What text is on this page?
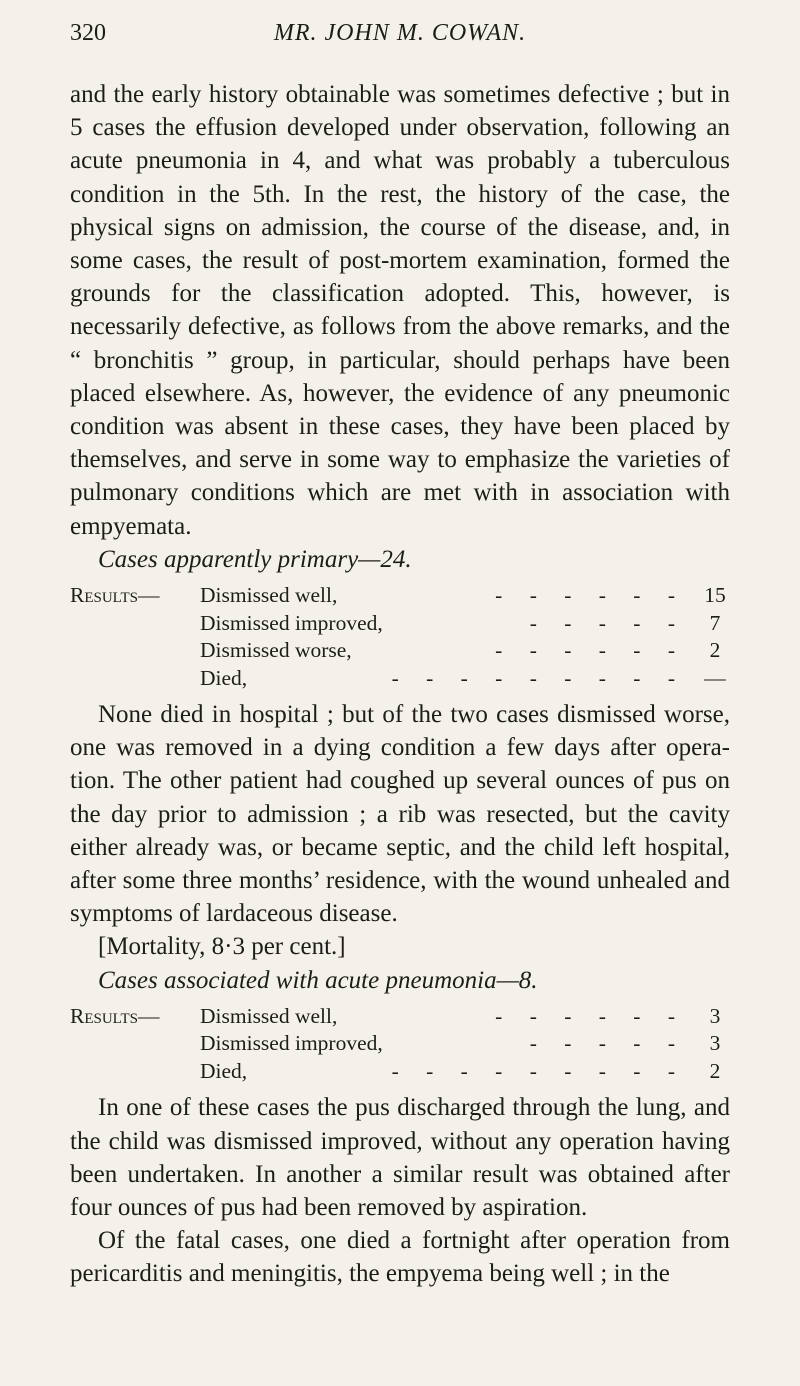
320	MR. JOHN M. COWAN.

and the early history obtainable was sometimes defective ; but in 5 cases the effusion developed under observation, following an acute pneumonia in 4, and what was probably a tuberculous condition in the 5th. In the rest, the history of the case, the physical signs on admission, the course of the disease, and, in some cases, the result of post-mortem examination, formed the grounds for the classification adopted. This, however, is necessarily defective, as follows from the above remarks, and the “ bronchitis ” group, in particular, should perhaps have been placed elsewhere. As, however, the evidence of any pneumonic condition was absent in these cases, they have been placed by themselves, and serve in some way to emphasize the varieties of pulmonary conditions which are met with in association with empyemata.

Cases apparently primary—24.

Results—	Dismissed well,	- - - - - - 15
Dismissed improved,	- - - - -	7
Dismissed worse,	- - - - - -	2
Died,	- - - - - - - - - —

None died in hospital ; but of the two cases dismissed worse, one was removed in a dying condition a few days after opera- tion. The other patient had coughed up several ounces of pus on the day prior to admission ; a rib was resected, but the cavity either already was, or became septic, and the child left hospital, after some three months’ residence, with the wound unhealed and symptoms of lardaceous disease.

[Mortality, 8·3 per cent.]

Cases associated with acute pneumonia—8.

Results—	Dismissed well,	- - - - - -	3
Dismissed improved,	- - - - -	3
Died,	- - - - - - - - -	2

In one of these cases the pus discharged through the lung, and the child was dismissed improved, without any operation having been undertaken. In another a similar result was obtained after four ounces of pus had been removed by aspiration.

Of the fatal cases, one died a fortnight after operation from pericarditis and meningitis, the empyema being well ; in the
